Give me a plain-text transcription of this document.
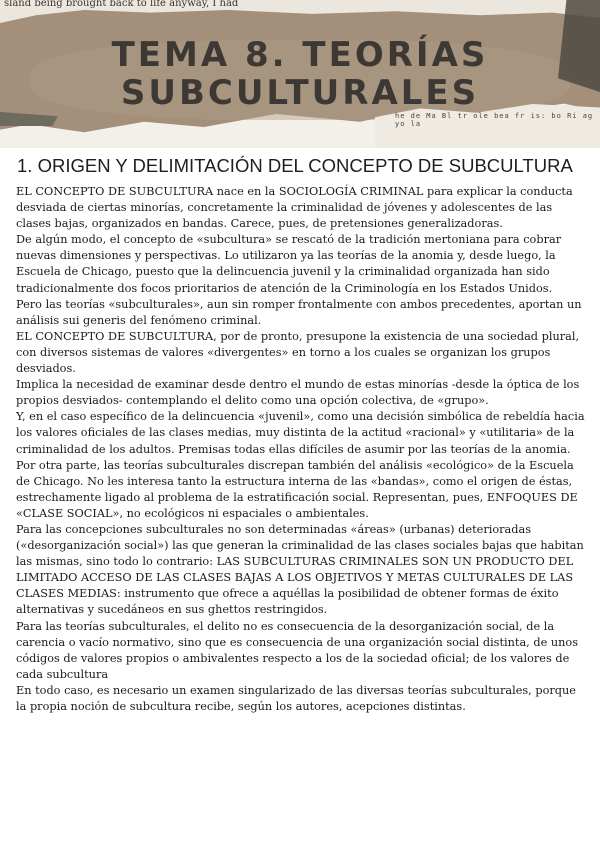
sland being brought back to life anyway, I had
he de Ma Bl tr ole bea fr is: bo Ri ag yo la
TEMA 8. TEORÍAS
SUBCULTURALES
1. ORIGEN Y DELIMITACIÓN DEL CONCEPTO DE SUBCULTURA

EL CONCEPTO DE SUBCULTURA nace en la SOCIOLOGÍA CRIMINAL para explicar la conducta desviada de ciertas minorías, concretamente la criminalidad de jóvenes y adolescentes de las clases bajas, organizados en bandas. Carece, pues, de pretensiones generalizadoras.

De algún modo, el concepto de «subcultura» se rescató de la tradición mertoniana para cobrar nuevas dimensiones y perspectivas. Lo utilizaron ya las teorías de la anomia y, desde luego, la Escuela de Chicago, puesto que la delincuencia juvenil y la criminalidad organizada han sido tradicionalmente dos focos prioritarios de atención de la Criminología en los Estados Unidos.

Pero las teorías «subculturales», aun sin romper frontalmente con ambos precedentes, aportan un análisis sui generis del fenómeno criminal.

EL CONCEPTO DE SUBCULTURA, por de pronto, presupone la existencia de una sociedad plural, con diversos sistemas de valores «divergentes» en torno a los cuales se organizan los grupos desviados.

Implica la necesidad de examinar desde dentro el mundo de estas minorías -desde la óptica de los propios desviados- contemplando el delito como una opción colectiva, de «grupo».

Y, en el caso específico de la delincuencia «juvenil», como una decisión simbólica de rebeldía hacia los valores oficiales de las clases medias, muy distinta de la actitud «racional» y «utilitaria» de la criminalidad de los adultos. Premisas todas ellas difíciles de asumir por las teorías de la anomia.

Por otra parte, las teorías subculturales discrepan también del análisis «ecológico» de la Escuela de Chicago. No les interesa tanto la estructura interna de las «bandas», como el origen de éstas, estrechamente ligado al problema de la estratificación social. Representan, pues, ENFOQUES DE «CLASE SOCIAL», no ecológicos ni espaciales o ambientales.

Para las concepciones subculturales no son determinadas «áreas» (urbanas) deterioradas («desorganización social») las que generan la criminalidad de las clases sociales bajas que habitan las mismas, sino todo lo contrario: LAS SUBCULTURAS CRIMINALES SON UN PRODUCTO DEL LIMITADO ACCESO DE LAS CLASES BAJAS A LOS OBJETIVOS Y METAS CULTURALES DE LAS CLASES MEDIAS: instrumento que ofrece a aquéllas la posibilidad de obtener formas de éxito alternativas y sucedáneos en sus ghettos restringidos.

Para las teorías subculturales, el delito no es consecuencia de la desorganización social, de la carencia o vacío normativo, sino que es consecuencia de una organización social distinta, de unos códigos de valores propios o ambivalentes respecto a los de la sociedad oficial; de los valores de cada subcultura

En todo caso, es necesario un examen singularizado de las diversas teorías subculturales, porque la propia noción de subcultura recibe, según los autores, acepciones distintas.
